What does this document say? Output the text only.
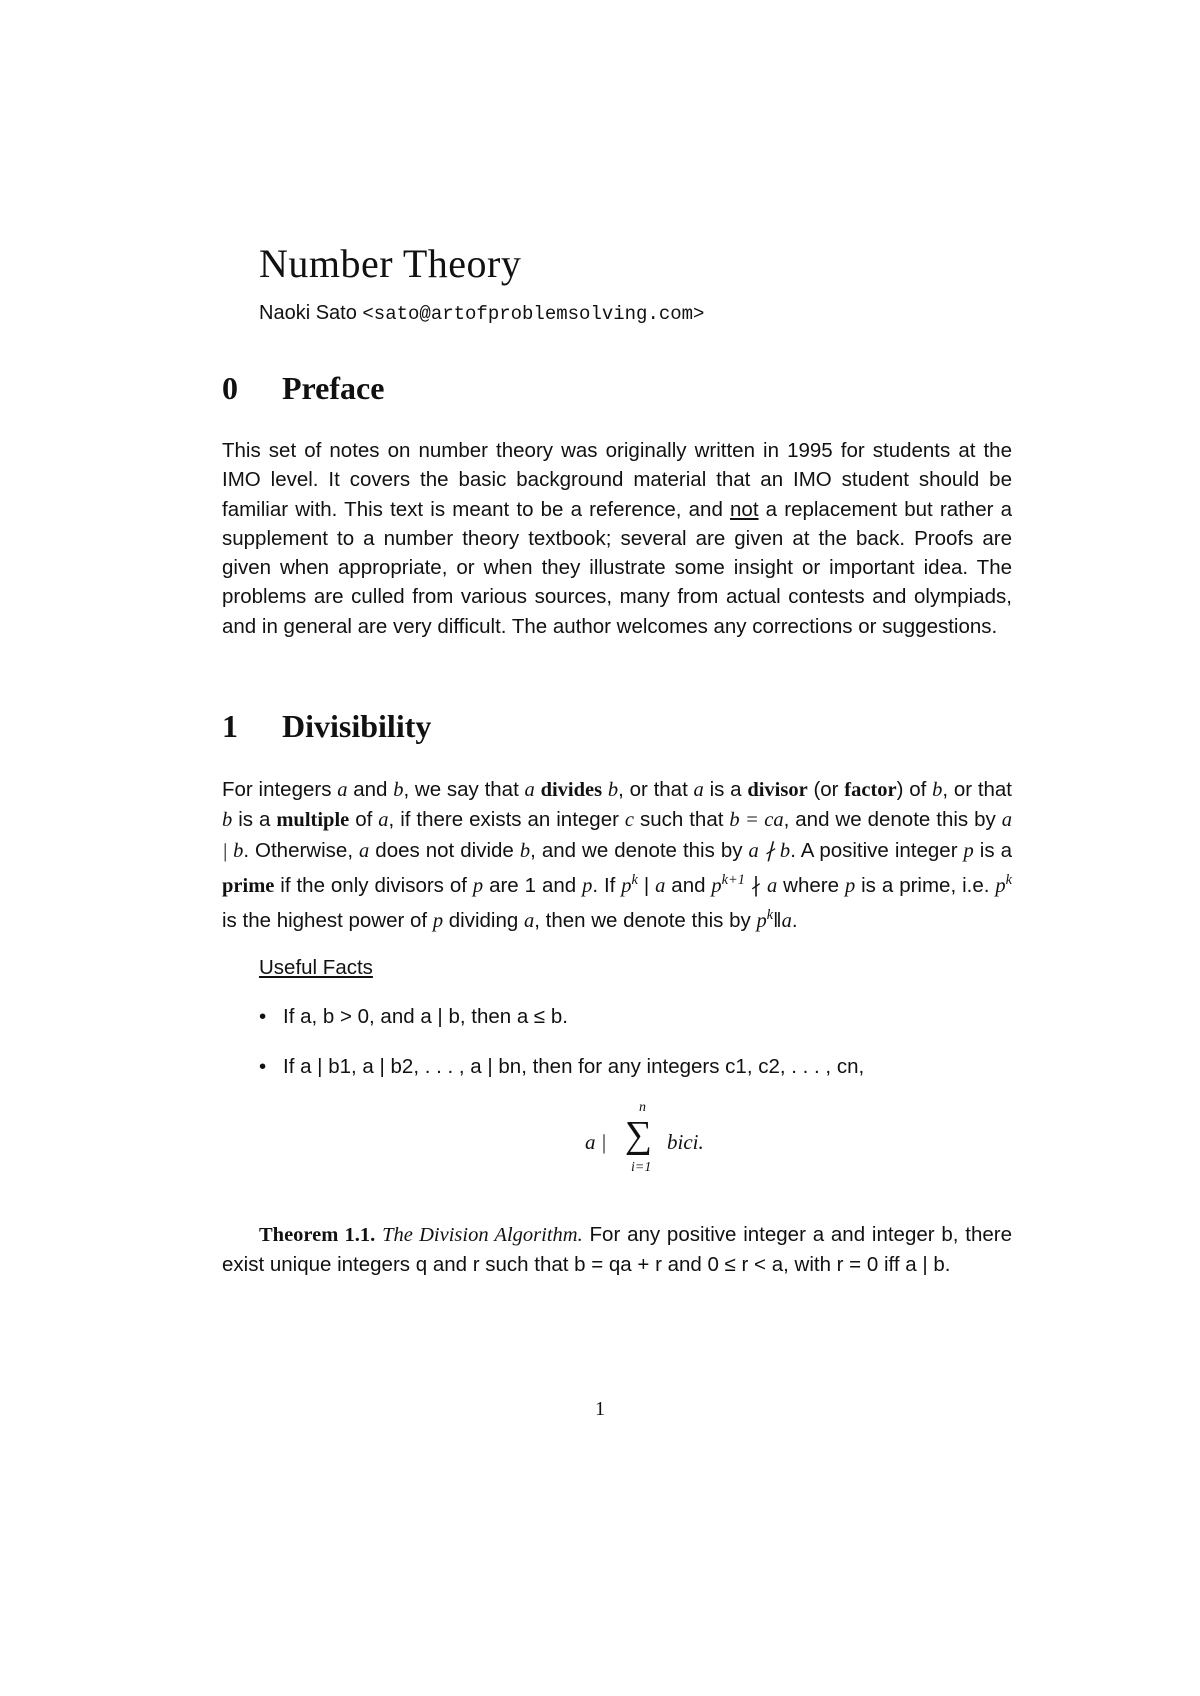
Number Theory
Naoki Sato <sato@artofproblemsolving.com>
0 Preface
This set of notes on number theory was originally written in 1995 for students at the IMO level. It covers the basic background material that an IMO student should be familiar with. This text is meant to be a reference, and not a replacement but rather a supplement to a number theory textbook; several are given at the back. Proofs are given when appropriate, or when they illustrate some insight or important idea. The problems are culled from various sources, many from actual contests and olympiads, and in general are very difficult. The author welcomes any corrections or suggestions.
1 Divisibility
For integers a and b, we say that a divides b, or that a is a divisor (or factor) of b, or that b is a multiple of a, if there exists an integer c such that b = ca, and we denote this by a | b. Otherwise, a does not divide b, and we denote this by a ∤ b. A positive integer p is a prime if the only divisors of p are 1 and p. If $p^k$ | a and $p^{k+1}$ ∤ a where p is a prime, i.e. $p^k$ is the highest power of p dividing a, then we denote this by $p^k‖a$.
Useful Facts
• If a, b > 0, and a | b, then a ≤ b.
• If a | b1, a | b2, . . . , a | bn, then for any integers c1, c2, . . . , cn,
a |
n
∑
i=1
bici.
Theorem 1.1. The Division Algorithm. For any positive integer a and integer b, there exist unique integers q and r such that b = qa + r and 0 ≤ r < a, with r = 0 iff a | b.
1
